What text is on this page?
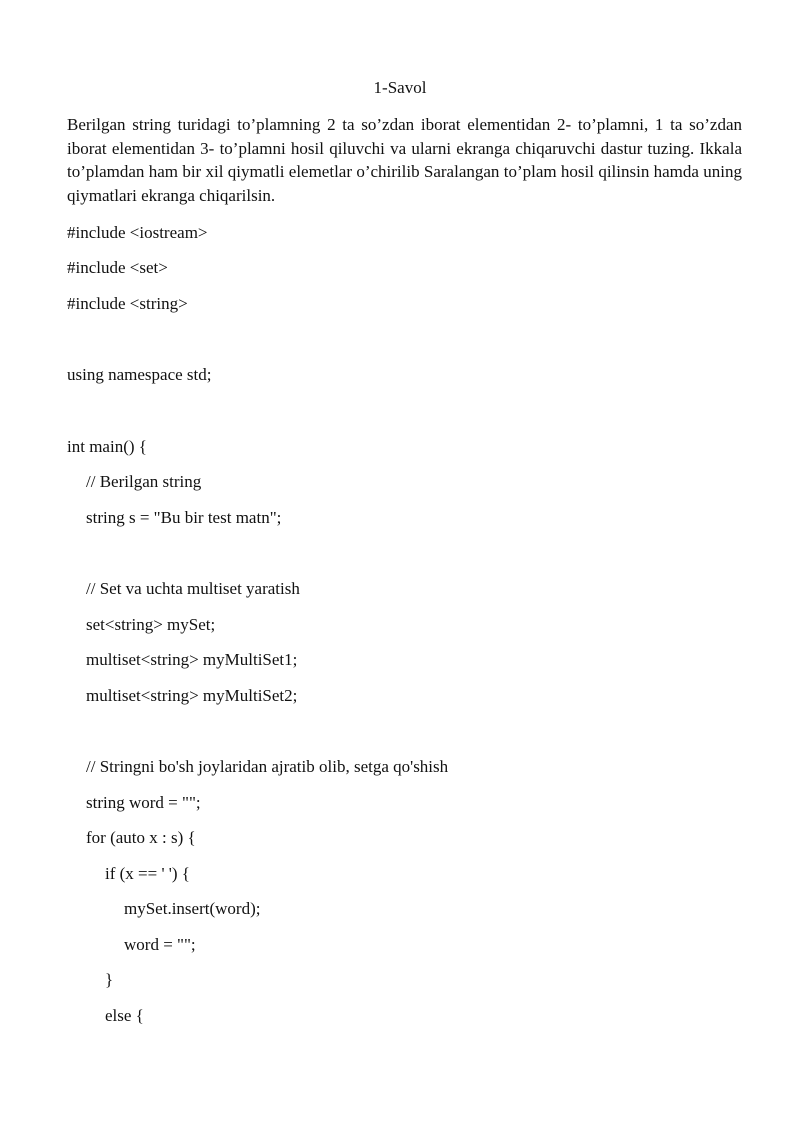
1-Savol

Berilgan string turidagi to’plamning 2 ta so’zdan iborat elementidan 2- to’plamni, 1 ta so’zdan iborat elementidan 3- to’plamni hosil qiluvchi va ularni ekranga chiqaruvchi dastur tuzing. Ikkala to’plamdan ham bir xil qiymatli elemetlar o’chirilib Saralangan to’plam hosil qilinsin hamda uning qiymatlari ekranga chiqarilsin.

#include <iostream>
#include <set>
#include <string>
using namespace std;
int main() {
// Berilgan string
string s = "Bu bir test matn";
// Set va uchta multiset yaratish
set<string> mySet;
multiset<string> myMultiSet1;
multiset<string> myMultiSet2;
// Stringni bo'sh joylaridan ajratib olib, setga qo'shish
string word = "";
for (auto x : s) {
if (x == ' ') {
mySet.insert(word);
word = "";
}
else {
